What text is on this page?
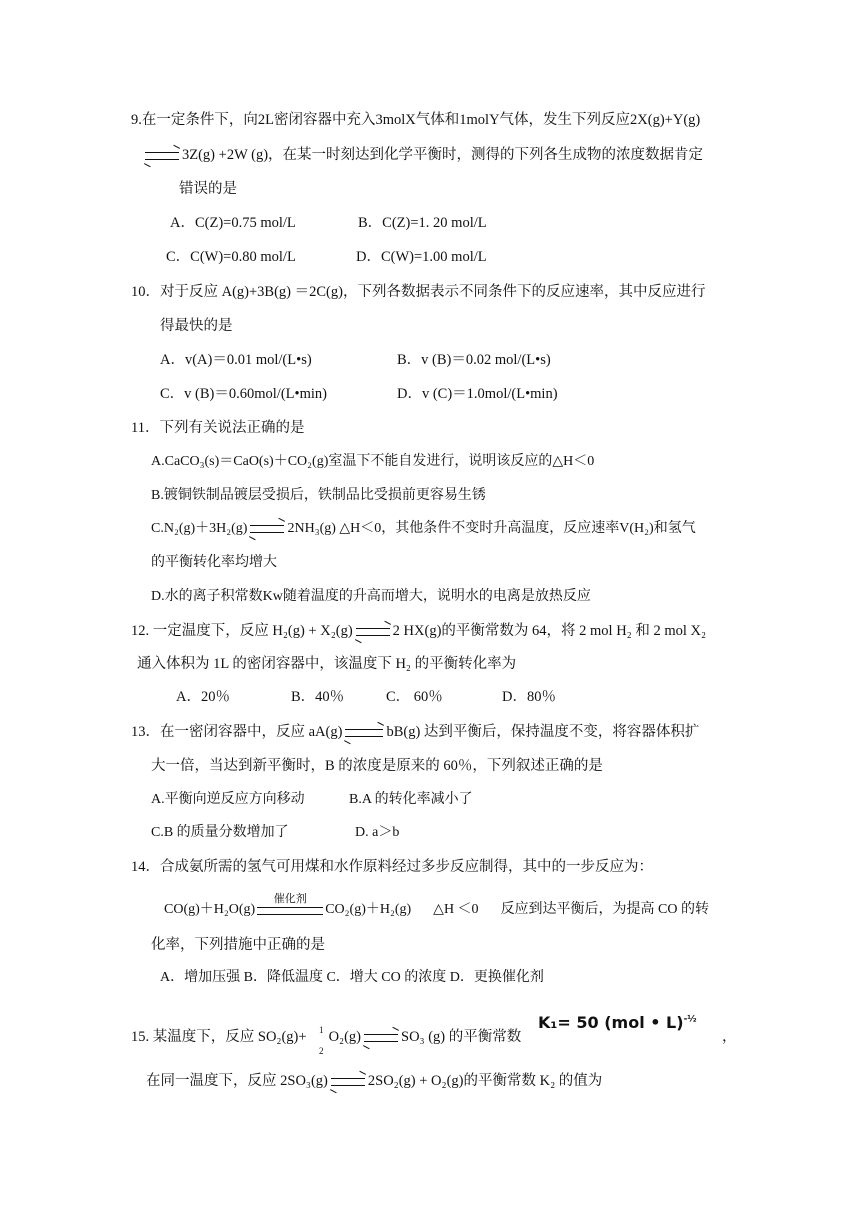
9.在一定条件下，向2L密闭容器中充入3molX气体和1molY气体，发生下列反应2X(g)+Y(g)
→ 3Z(g) +2W (g)，在某一时刻达到化学平衡时，测得的下列各生成物的浓度数据肯定
错误的是
A．C(Z)=0.75 mol/L	B．C(Z)=1. 20 mol/L
C．C(W)=0.80 mol/L	D．C(W)=1.00 mol/L
10．对于反应 A(g)+3B(g) ＝2C(g)，下列各数据表示不同条件下的反应速率，其中反应进行
得最快的是
A．v(A)＝0.01 mol/(L•s)	B．v (B)＝0.02 mol/(L•s)
C．v (B)＝0.60mol/(L•min)	D．v (C)＝1.0mol/(L•min)
11．下列有关说法正确的是
A.CaCO₃(s)＝CaO(s)＋CO₂(g)室温下不能自发进行，说明该反应的△H＜0
B.镀铜铁制品镀层受损后，铁制品比受损前更容易生锈
C.N₂(g)＋3H₂(g) → 2NH₃(g) △H＜0，其他条件不变时升高温度，反应速率V(H₂)和氢气
的平衡转化率均增大
D.水的离子积常数Kw随着温度的升高而增大，说明水的电离是放热反应
12. 一定温度下，反应 H₂(g) + X₂(g) → 2 HX(g)的平衡常数为 64，将 2 mol H₂ 和 2 mol X₂
通入体积为 1L 的密闭容器中，该温度下 H₂ 的平衡转化率为
A．20％	B．40％	C． 60％	D．80％
13．在一密闭容器中，反应 aA(g) → bB(g) 达到平衡后，保持温度不变，将容器体积扩
大一倍，当达到新平衡时，B 的浓度是原来的 60％，下列叙述正确的是
A.平衡向逆反应方向移动	B.A 的转化率减小了
C.B 的质量分数增加了	D. a＞b
14．合成氨所需的氢气可用煤和水作原料经过多步反应制得，其中的一步反应为：
CO(g)＋H₂O(g)
催化剂
CO₂(g)＋H₂(g) △H ＜0 反应到达平衡后，为提高 CO 的转
化率，下列措施中正确的是
A．增加压强 B．降低温度 C．增大 CO 的浓度 D．更换催化剂
15. 某温度下，反应 SO₂(g)+ O₂(g) → SO₃ (g) 的平衡常数
1
2
K₁= 50 (mol • L)$^{-\frac{1}{2}}$
，
在同一温度下，反应 2SO₃(g) → 2SO₂(g) + O₂(g)的平衡常数 K₂ 的值为
